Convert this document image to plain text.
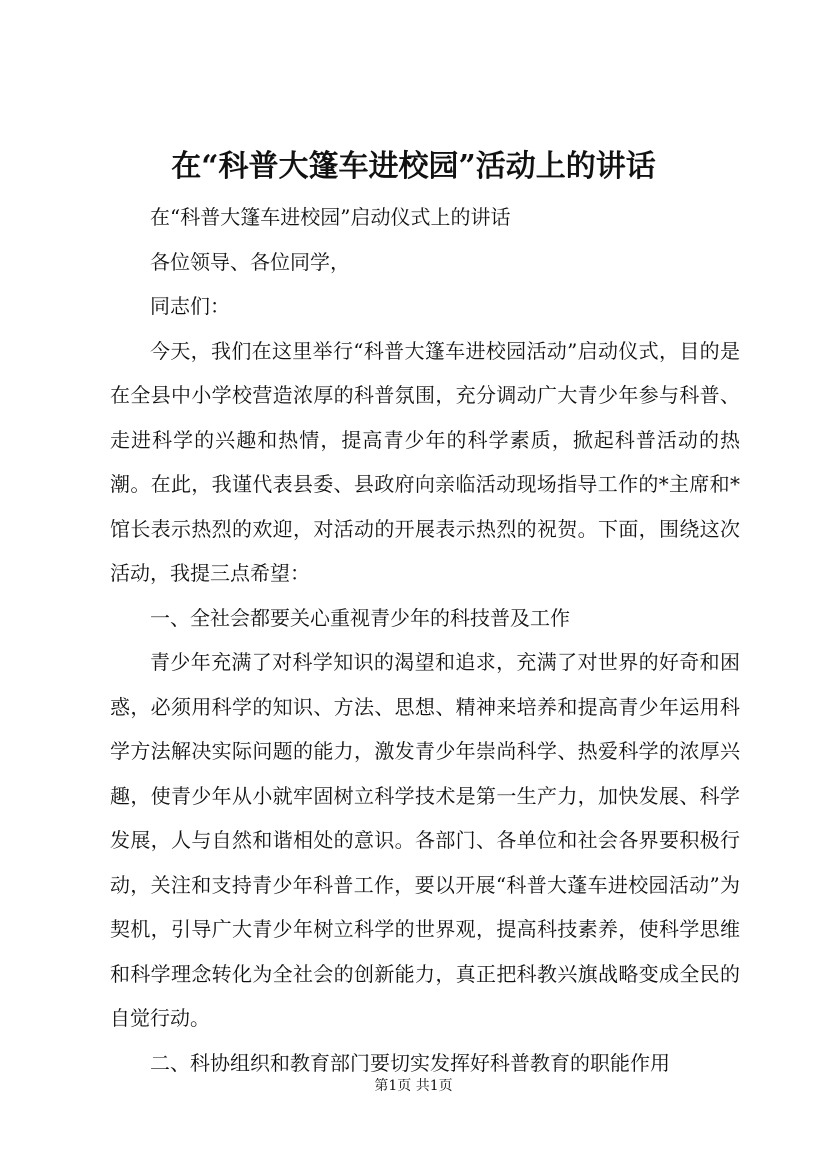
在“科普大篷车进校园”活动上的讲话

在“科普大篷车进校园”启动仪式上的讲话

各位领导、各位同学，

同志们：

今天，我们在这里举行“科普大篷车进校园活动”启动仪式，目的是在全县中小学校营造浓厚的科普氛围，充分调动广大青少年参与科普、走进科学的兴趣和热情，提高青少年的科学素质，掀起科普活动的热潮。在此，我谨代表县委、县政府向亲临活动现场指导工作的*主席和*馆长表示热烈的欢迎，对活动的开展表示热烈的祝贺。下面，围绕这次活动，我提三点希望：

一、全社会都要关心重视青少年的科技普及工作

青少年充满了对科学知识的渴望和追求，充满了对世界的好奇和困惑，必须用科学的知识、方法、思想、精神来培养和提高青少年运用科学方法解决实际问题的能力，激发青少年崇尚科学、热爱科学的浓厚兴趣，使青少年从小就牢固树立科学技术是第一生产力，加快发展、科学发展，人与自然和谐相处的意识。各部门、各单位和社会各界要积极行动，关注和支持青少年科普工作，要以开展“科普大蓬车进校园活动”为契机，引导广大青少年树立科学的世界观，提高科技素养，使科学思维和科学理念转化为全社会的创新能力，真正把科教兴旗战略变成全民的自觉行动。

二、科协组织和教育部门要切实发挥好科普教育的职能作用

第1页 共1页
